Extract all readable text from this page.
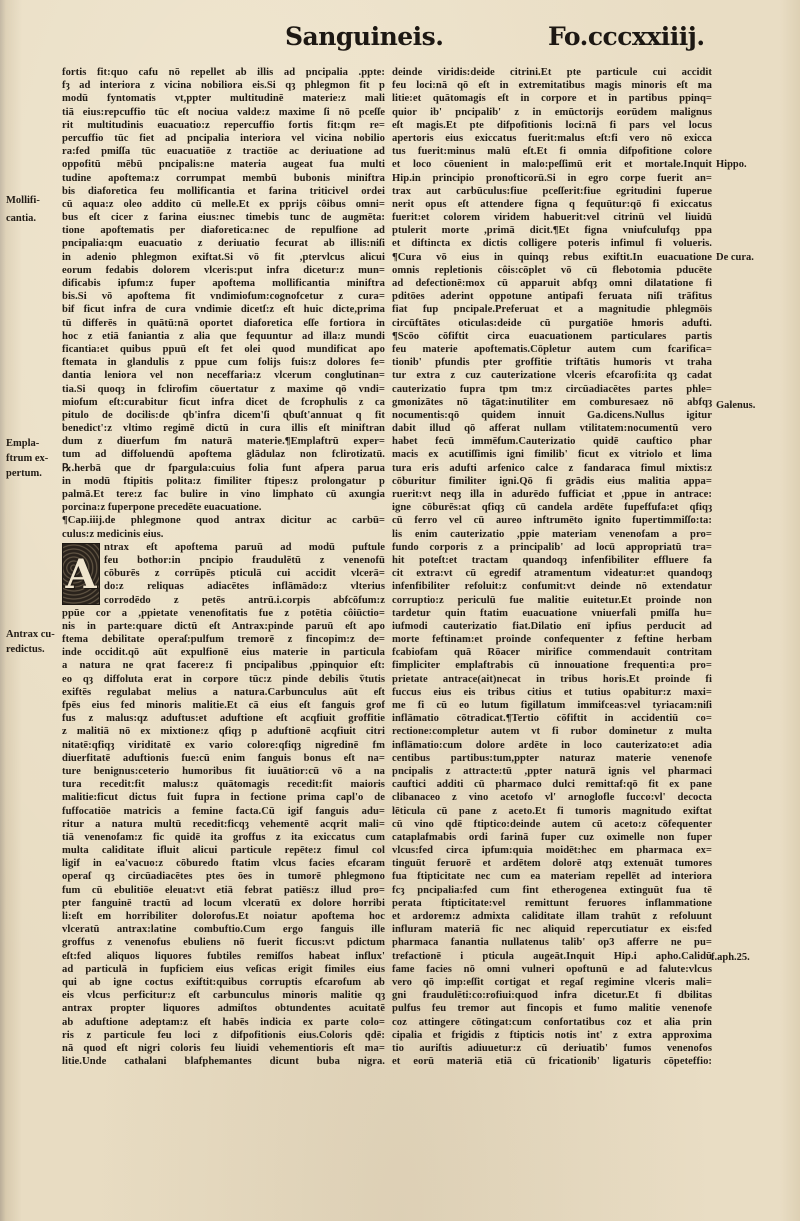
Sanguineis.	Fo.cccxxiiij.
fortis fit:quo cafu nō repellet ab illis ad pncipalia .ppte:
fȝ ad interiora z vicina nobiliora eis.Si qȝ phlegmon fit p
modū fyntomatis vt,ppter multitudinē materie:z mali
tiā eius:repcuffio tūc eſt nociua valde:z maxime ſi nō pceſſe
rit multitudinis euacuatio:z repercuffio fortis fit:qm re=
percuffio tūc fiet ad pncipalia interiora vel vicina nobilio
ra:fed pmiſſa tūc euacuatiōe z tractiōe ac deriuatione ad
oppofitū mēbū pncipalis:ne materia augeat fua multi
tudine apoftema:z corrumpat membū bubonis miniftra
bis diaforetica feu mollificantia et farina triticivel ordei
cū aqua:z oleo addito cū melle.Et ex pprijs côibus omni=
bus eſt cicer z farina eius:nec timebis tunc de augmēta:
tione apoftematis per diaforetica:nec de repulfione ad
pncipalia:qm euacuatio z deriuatio fecurat ab illis:niſi
in adenio phlegmon exiftat.Si vō fit ,ptervlcus alicui
eorum fedabis dolorem vlceris:put infra dicetur:z mun=
dificabis ipfum:z fuper apoftema mollificantia miniftra
bis.Si vō apoftema fit vndimiofum:cognofcetur z cura=
bif ficut infra de cura vndimie dicetſ:z eſt huic dicte,prima
tū differēs in quātū:nā oportet diaforetica eſſe fortiora in
hoc z etiā faniantia z alia que fequuntur ad illa:z mundi
ficantia:et quibus ppuū eſt fet olei quod mundificat apo
ftemata in glandulis z ppue cum folijs fuis:z dolores fe=
dantia leniora vel non neceffaria:z vlcerum conglutinan=
tia.Si quoqȝ in fclirofim cōuertatur z maxime qō vndi=
miofum eſt:curabitur ficut infra dicet de fcrophulis z ca
pitulo de docilis:de qb'infra dicem'ſi ɋbuſt'annuat q fit
benedict':z vltimo regimē dictū in cura illis eſt miniftran
dum z diuerfum fm naturā materie.¶Emplaftrū exper=
tum ad diffoluendū apoftema glādulaz non fclirotizatū.
℞.herbā que dr fpargula:cuius folia funt afpera parua
in modū ftipitis polita:z fimiliter ftipes:z prolongatur p
palmā.Et tere:z fac bulire in vino limphato cū axungia
porcina:z fuperpone precedēte euacuatione.
¶Cap.iiij.de phlegmone quod antrax dicitur ac carbū=
culus:z medicinis eius.
ntrax eſt apoftema paruū ad modū puftule
feu bothor:in pncipio fraudulētū z venenofū
cōburēs z corrūpēs pticulā cui accidit vlcerā=
do:z reliquas adiacētes inflāmādo:z vlterius
corrodēdo z petēs antrū.i.corpis abfcōfum:z
ppūe cor a ,ppietate venenofitatis fue z potētia côiūctio=
nis in parte:quare dictū eſt Antrax:pinde paruū eſt apo
ftema debilitate operaſ:pulfum tremorē z fincopim:z de=
inde occidit.qō aūt expulfionē eius materie in particula
a natura ne qrat facere:z fi pncipalibus ,ppinquior eſt:
eo qȝ diffoluta erat in corpore tūc:z pinde debilis ṽtutis
exiftēs regulabat melius a natura.Carbunculus aūt eſt
fpēs eius fed minoris malitie.Et cā eius eſt fanguis grof
fus z malus:qz aduftus:et aduftione eſt acqfiuit groffitie
z malitiā nō ex mixtione:z qfiqȝ p aduftionē acqfiuit citri
nitatē:qfiqȝ viriditatē ex vario colore:qfiqȝ nigredinē fm
diuerfitatē aduftionis fue:cū enim fanguis bonus eſt na=
ture benignus:ceterio humoribus fit iuuātior:cū vō a na
tura recedit:fit malus:z quātomagis recedit:fit maioris
malitie:ficut dictus fuit fupra in fectione prima capl'o de
fuffocatiōe matricis a femine facta.Cū igif fanguis adu=
ritur a natura multū recedit:ficqȝ vehementē acqrit mali=
tiā venenofam:z fic quidē ita groffus z ita exiccatus cum
multa caliditate ifluit alicui particule repēte:z fimul col
ligif in ea'vacuo:z cōburedo ftatim vlcus facies efcaram
operaſ qȝ circūadiacētes ptes ōes in tumorē phlegmono
fum cū ebulitiōe eleuat:vt etiā febrat patiēs:z illud pro=
pter fanguinē tractū ad locum vlceratū ex dolore horribi
li:eſt em horribiliter dolorofus.Et noiatur apoftema hoc
vlceratū antrax:latine combuftio.Cum ergo fanguis ille
groffus z venenofus ebuliens nō fuerit ficcus:vt pdictum
eſt:fed aliquos liquores fubtiles remiſſos habeat influx'
ad particulā in fupficiem eius veſicas erigit fimiles eius
qui ab igne coctus exiftit:quibus corruptis efcarofum ab
eis vlcus perficitur:z eſt carbunculus minoris malitie qȝ
antrax propter liquores admiſtos obtundentes acuitatē
ab aduftione adeptam:z eſt habēs indicia ex parte colo=
ris z particule feu loci z difpofitionis eius.Coloris qdē:
nā quod eſt nigri coloris feu liuidi vehementioris eſt ma=
litie.Unde cathalani blafphemantes dicunt buba nigra.
deinde viridis:deide citrini.Et pte particule cui accidit
feu loci:nā qō eſt in extremitatibus magis minoris eſt ma
litie:et quātomagis eſt in corpore et in partibus ppinq=
quior ib' pncipalib' z in emūctorijs eorūdem malignus
eſt magis.Et pte difpofitionis loci:nā fi pars vel locus
apertoris eius exiccatus fuerit:malus eſt:fi vero nō exicca
tus fuerit:minus malū eſt.Et fi omnia difpofitione colore
et loco cōuenient in malo:peſſimū erit et mortale.Inquit
Hip.in principio pronofticorū.Si in egro corpe fuerit an=
trax aut carbūculus:fiue pceſſerit:fiue egritudini fuperue
nerit opus eſt attendere figna q fequūtur:qō fi exiccatus
fuerit:et colorem viridem habuerit:vel citrinū vel liuidū
ptulerit morte ,primā dicit.¶Et figna vniufculufqȝ ppa
et diftincta ex dictis colligere poteris infimul fi volueris.
¶Cura vō eius in quinqȝ rebus exiftit.In euacuatione
omnis repletionis côis:cōplet vō cū flebotomia pducēte
ad defectionē:mox cū apparuit abfqȝ omni dilatatione fi
pditōes aderint oppotune antipafi feruata niſi trāfitus
fiat fup pncipale.Preferuat et a magnitudie phlegmōis
circūftātes oticulas:deide cū purgatiōe hmoris adufti.
¶Scōo cōfiftit circa euacuationem particulares partis
feu materie apoftematis.Cōpletur autem cum fcarifica=
tionib' pfundis pter groffitie triftātis humoris vt traha
tur extra z cuz cauterizatione vlceris efcarofi:ita qȝ cadat
cauterizatio fupra tpm tm:z circūadiacētes partes phle=
gmonizātes nō tāgat:inutiliter em comburesaez nō abfqȝ
nocumentis:qō quidem innuit Ga.dicens.Nullus igitur
dabit illud qō afferat nullam vtilitatem:nocumentū vero
habet fecū immēfum.Cauterizatio quidē cauftico phar
macis ex acutiſſimis igni fimilib' ficut ex vitriolo et lima
tura eris adufti arfenico calce z fandaraca fimul mixtis:z
cōburitur fimiliter igni.Qō fi grādis eius malitia appa=
ruerit:vt neqȝ illa in adurēdo fufficiat et ,ppue in antrace:
igne cōburēs:at qfiqȝ cū candela ardēte fupeffufa:et qfiqȝ
cū ferro vel cū aureo inftrumēto ignito fupertimmiſſo:ta:
lis enim cauterizatio ,ppie materiam venenofam a pro=
fundo corporis z a principalib' ad locū appropriatū tra=
hit poteſt:et tractam quandoqȝ infenfibiliter effluere fa
cit extra:vt cū egredif atramentum videatur:et quandoqȝ
infenfibiliter refoluit:z confumit:vt deinde nō extendatur
corruptio:z periculū fue malitie euitetur.Et proinde non
tardetur quin ftatim euacuatione vniuerfali pmiſſa hu=
iufmodi cauterizatio fiat.Dilatio enī ipfius perducit ad
morte feftinam:et proinde confequenter z feftine herbam
fcabiofam quā Rōacer mirifice commendauit contritam
fimpliciter emplaftrabis cū innouatione frequenti:a pro=
prietate antrace(ait)necat in tribus horis.Et proinde fi
fuccus eius eis tribus citius et tutius opabitur:z maxi=
me fi cū eo lutum figillatum immifceas:vel tyriacam:niſi
inflāmatio cōtradicat.¶Tertio cōfiftit in accidentiū co=
rectione:completur autem vt fi rubor dominetur z multa
inflāmatio:cum dolore ardēte in loco cauterizato:et adia
centibus partibus:tum,ppter naturaz materie venenofe
pncipalis z attracte:tū ,ppter naturā ignis vel pharmaci
cauftici additi cū pharmaco dulci remittaf:qō fit ex pane
clibanaceo z vino acetofo vl' arnoglofle fucco:vl' decocta
lēticula cū pane z aceto.Et fi tumoris magnitudo exiftat
cū vino qdē ftiptico:deinde autem cū aceto:z cōfequenter
cataplafmabis ordi farinā fuper cuz oximelle non fuper
vlcus:fed circa ipfum:quia moidēt:hec em pharmaca ex=
tinguūt feruorē et ardētem dolorē atqȝ extenuāt tumores
fua ftipticitate nec cum ea materiam repellēt ad interiora
fcȝ pncipalia:fed cum fint etherogenea extinguūt fua tē
perata ftipticitate:vel remittunt feruores inflammatione
et ardorem:z admixta caliditate illam trahūt z refoluunt
influram materiā fic nec aliquid repercutiatur ex eis:fed
pharmaca fanantia nullatenus talib' op3 afferre ne pu=
trefactionē i pticula augeāt.Inquit Hip.i apho.Calidū
fame facies nō omni vulneri opoftunū e ad falute:vlcus
vero qō imp:eſſit cortigat et regaſ regimine vlceris mali=
gni fraudulēti:co:rofiui:quod infra dicetur.Et fi dbilitas
pulfus feu tremor aut fincopis et fumo malitie venenofe
coz attingere cōtingat:cum confortatibus coz et alia prin
cipalia et frigidis z ftipticis notis int' z extra approxima
tio auriſtis adiuuetur:z cū deriuatib' fumos venenofos
et eorū materiā etiā cū fricationib' ligaturis cōpeteffio:
A
Mollifi-
cantia.
Empla-
ftrum ex-
pertum.
Antrax cu-
redictus.
Hippo.
De cura.
Galenus.
f.aph.25.
